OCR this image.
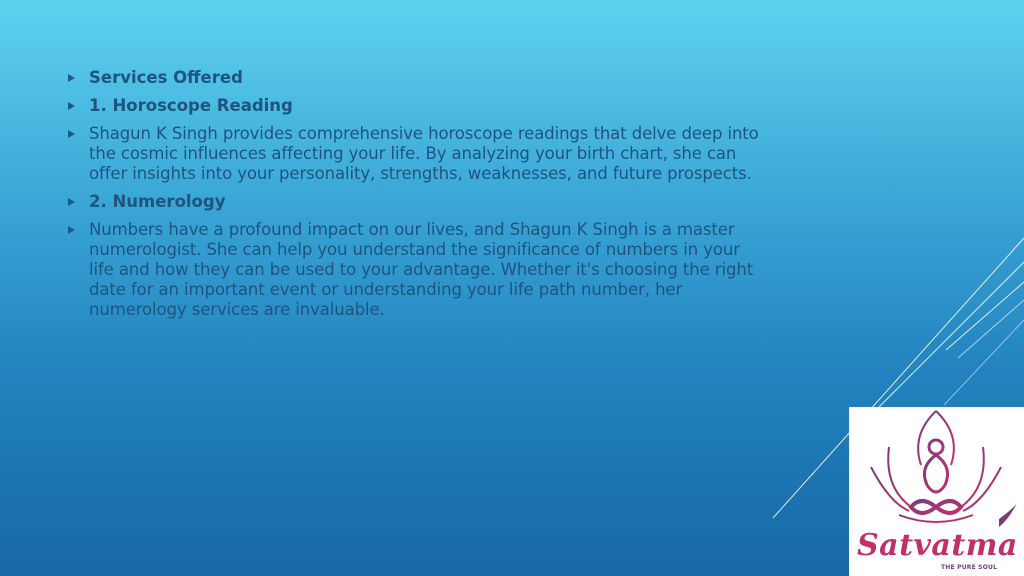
Services Offered
1. Horoscope Reading
Shagun K Singh provides comprehensive horoscope readings that delve deep into the cosmic influences affecting your life. By analyzing your birth chart, she can offer insights into your personality, strengths, weaknesses, and future prospects.
2. Numerology
Numbers have a profound impact on our lives, and Shagun K Singh is a master numerologist. She can help you understand the significance of numbers in your life and how they can be used to your advantage. Whether it's choosing the right date for an important event or understanding your life path number, her numerology services are invaluable.
Satvatma
THE PURE SOUL
